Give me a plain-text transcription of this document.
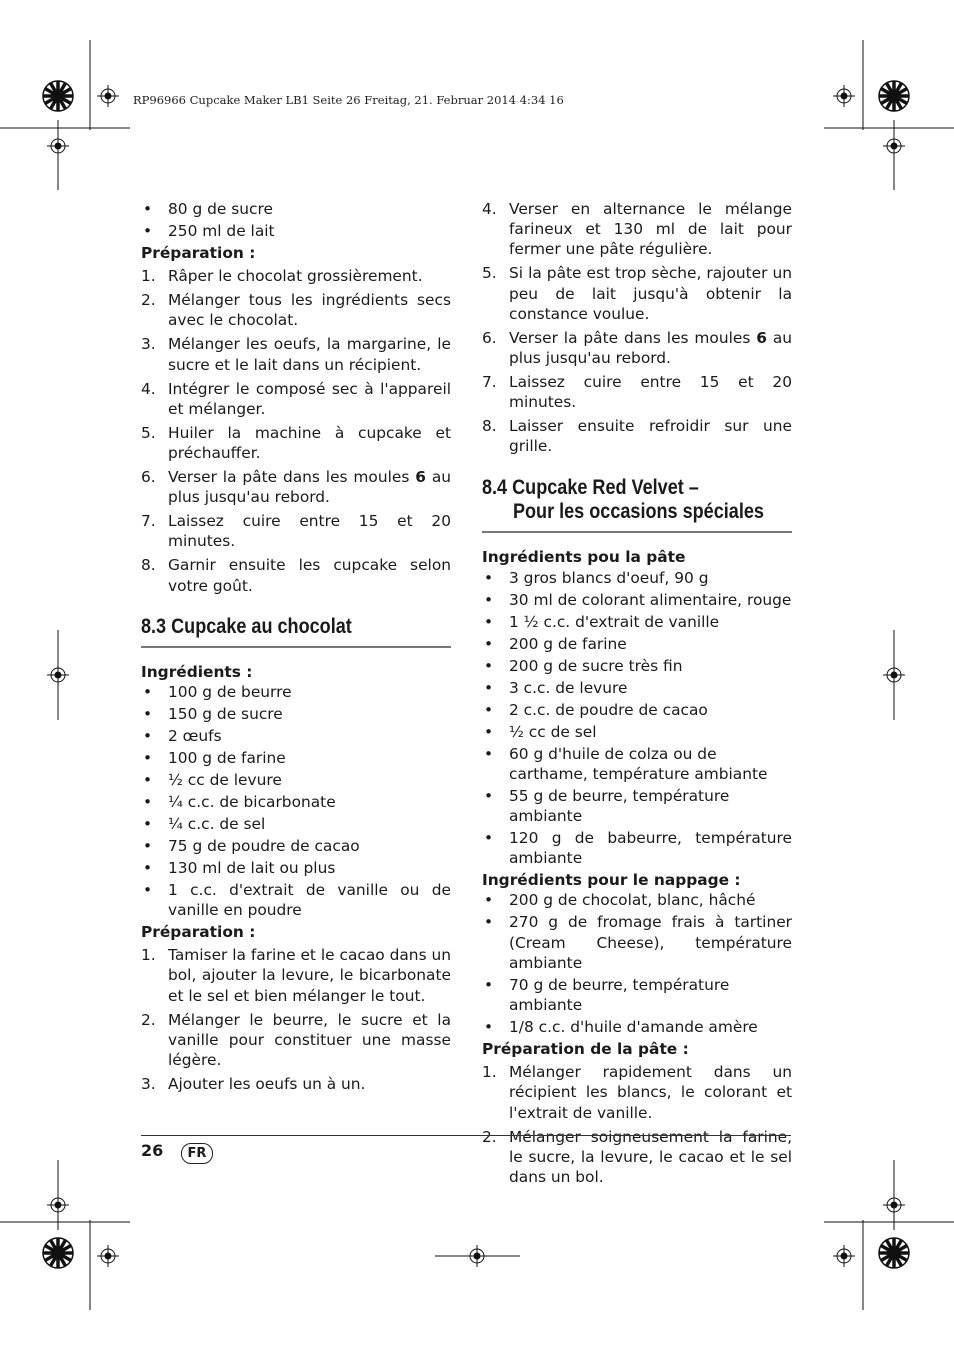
RP96966 Cupcake Maker LB1 Seite 26 Freitag, 21. Februar 2014 4:34 16
• 80 g de sucre
• 250 ml de lait

Préparation :

1. Râper le chocolat grossièrement.
2. Mélanger tous les ingrédients secs avec le chocolat.
3. Mélanger les oeufs, la margarine, le sucre et le lait dans un récipient.
4. Intégrer le composé sec à l'appareil et mélanger.
5. Huiler la machine à cupcake et préchauffer.
6. Verser la pâte dans les moules 6 au plus jusqu'au rebord.
7. Laissez cuire entre 15 et 20 minutes.
8. Garnir ensuite les cupcake selon votre goût.
8.3 Cupcake au chocolat

Ingrédients :

• 100 g de beurre
• 150 g de sucre
• 2 œufs
• 100 g de farine
• ½ cc de levure
• ¼ c.c. de bicarbonate
• ¼ c.c. de sel
• 75 g de poudre de cacao
• 130 ml de lait ou plus
• 1 c.c. d'extrait de vanille ou de vanille en poudre

Préparation :

1. Tamiser la farine et le cacao dans un bol, ajouter la levure, le bicarbonate et le sel et bien mélanger le tout.
2. Mélanger le beurre, le sucre et la vanille pour constituer une masse légère.
3. Ajouter les oeufs un à un.
4. Verser en alternance le mélange farineux et 130 ml de lait pour fermer une pâte régulière.
5. Si la pâte est trop sèche, rajouter un peu de lait jusqu'à obtenir la constance voulue.
6. Verser la pâte dans les moules 6 au plus jusqu'au rebord.
7. Laissez cuire entre 15 et 20 minutes.
8. Laisser ensuite refroidir sur une grille.
8.4 Cupcake Red Velvet –
Pour les occasions spéciales

Ingrédients pou la pâte

• 3 gros blancs d'oeuf, 90 g
• 30 ml de colorant alimentaire, rouge
• 1 ½ c.c. d'extrait de vanille
• 200 g de farine
• 200 g de sucre très fin
• 3 c.c. de levure
• 2 c.c. de poudre de cacao
• ½ cc de sel
• 60 g d'huile de colza ou de carthame, température ambiante
• 55 g de beurre, température ambiante
• 120 g de babeurre, température ambiante

Ingrédients pour le nappage :

• 200 g de chocolat, blanc, hâché
• 270 g de fromage frais à tartiner (Cream Cheese), température ambiante
• 70 g de beurre, température ambiante
• 1/8 c.c. d'huile d'amande amère

Préparation de la pâte :

1. Mélanger rapidement dans un récipient les blancs, le colorant et l'extrait de vanille.
2. Mélanger soigneusement la farine, le sucre, la levure, le cacao et le sel dans un bol.
26	FR
